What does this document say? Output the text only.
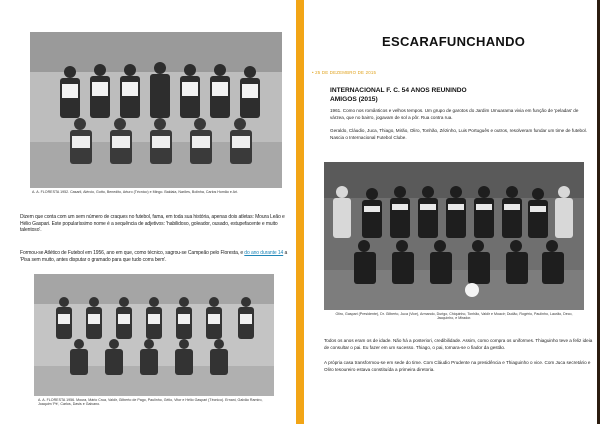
A. A. FLORESTA 1952. Casaril, Alércio, Gotto, Benedito, Arturo (Técnico) e Mingo. Baldaia, Narões, Bolinha, Carlos Homão e Ari.
Dizem que conta com um sem número de craques no futebol, fama, em toda sua história, apenas dois atletas: Moura Leão e Hélio Gaspari. Este popularíssimo nome é a sequência de adjetivos: 'habilidoso, goleador, ousado, estupefacente e muito talentoso'.
Formou-se Atlético de Futebol em 1956, ano em que, como técnico, sagrou-se Campeão pelo Floresta, e do ano durante 14 a 'Pisa sem muito, antes disputar o gramado para que tudo corra bem'.
A. A. FLORESTA 1956. Moura, Mário Crua, Valdir, Gilberto de Pago, Paulinho, Gélio, Vitor e Hélio Gaspari (Técnico). Ernani, Galvão Ramiro, Joaquim 'Pé', Carlos, Davis e Galvano.
ESCARAFUNCHANDO
• 25 DE DEZEMBRO DE 2015
INTERNACIONAL F. C. 54 ANOS REUNINDO
AMIGOS (2015)
1961. Como nos românticos e velhos tempos. Um grupo de garotos do Jardim Umuarama vivia em função de 'peladas' de várzea, que no bairro, jogavam de sol a pôr. Rua contra rua.
Geraldo, Cláudio, Juca, Thiago, Mirão, Oliro, Tonhão, Zézinho, Luis Português e outros, resolveram fundar um time de futebol. Nascia o Internacional Futebol Clube.
Oliro, Gaspari (Presidente), Dr. Gilberto, Juca (Vice), Armando, Durigo, Chiquinho, Tonhão, Valdir e Moacir; Dudão, Rogério, Paulinho, Laurão, Deco, Jacquinho, e Mirador.
Todos os anos eram os de idade. Não há a posteriori, credibilidade. Assim, como compra os uniformes. Thiaguinho teve a feliz ideia de consultar o pai. Eu fazer em um sucesso. Thiago, o pai, tornara-se o fiador da gestão.
A própria casa transformou-se em sede do time. Com Cláudio Prudente na presidência e Thiaguinho o vice. Com Juca secretário e Oliro tesoureiro estava constituída a primeira diretoria.
